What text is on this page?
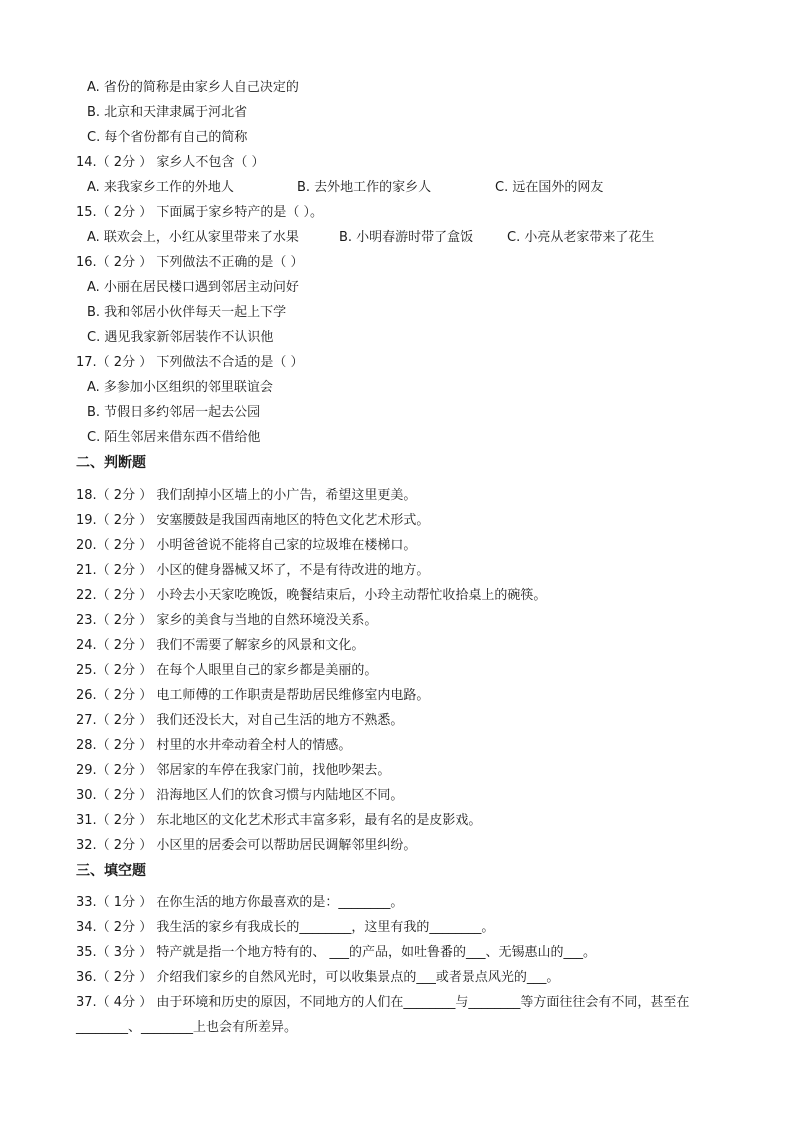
A. 省份的简称是由家乡人自己决定的
B. 北京和天津隶属于河北省
C. 每个省份都有自己的简称
14.（ 2分 ） 家乡人不包含（ ）
A. 来我家乡工作的外地人	B. 去外地工作的家乡人	C. 远在国外的网友
15.（ 2分 ） 下面属于家乡特产的是（ ）。
A. 联欢会上，小红从家里带来了水果	B. 小明春游时带了盒饭	C. 小亮从老家带来了花生
16.（ 2分 ） 下列做法不正确的是（ ）
A. 小丽在居民楼口遇到邻居主动问好
B. 我和邻居小伙伴每天一起上下学
C. 遇见我家新邻居装作不认识他
17.（ 2分 ） 下列做法不合适的是（ ）
A. 多参加小区组织的邻里联谊会
B. 节假日多约邻居一起去公园
C. 陌生邻居来借东西不借给他
二、判断题
18.（ 2分 ） 我们刮掉小区墙上的小广告，希望这里更美。
19.（ 2分 ） 安塞腰鼓是我国西南地区的特色文化艺术形式。
20.（ 2分 ） 小明爸爸说不能将自己家的垃圾堆在楼梯口。
21.（ 2分 ） 小区的健身器械又坏了，不是有待改进的地方。
22.（ 2分 ） 小玲去小天家吃晚饭，晚餐结束后，小玲主动帮忙收拾桌上的碗筷。
23.（ 2分 ） 家乡的美食与当地的自然环境没关系。
24.（ 2分 ） 我们不需要了解家乡的风景和文化。
25.（ 2分 ） 在每个人眼里自己的家乡都是美丽的。
26.（ 2分 ） 电工师傅的工作职责是帮助居民维修室内电路。
27.（ 2分 ） 我们还没长大，对自己生活的地方不熟悉。
28.（ 2分 ） 村里的水井牵动着全村人的情感。
29.（ 2分 ） 邻居家的车停在我家门前，找他吵架去。
30.（ 2分 ） 沿海地区人们的饮食习惯与内陆地区不同。
31.（ 2分 ） 东北地区的文化艺术形式丰富多彩，最有名的是皮影戏。
32.（ 2分 ） 小区里的居委会可以帮助居民调解邻里纠纷。
三、填空题
33.（ 1分 ） 在你生活的地方你最喜欢的是：________。
34.（ 2分 ） 我生活的家乡有我成长的________，这里有我的________。
35.（ 3分 ） 特产就是指一个地方特有的、 ___的产品，如吐鲁番的___、无锡惠山的___。
36.（ 2分 ） 介绍我们家乡的自然风光时，可以收集景点的___或者景点风光的___。
37.（ 4分 ） 由于环境和历史的原因，不同地方的人们在________与________等方面往往会有不同，甚至在
________、________上也会有所差异。
